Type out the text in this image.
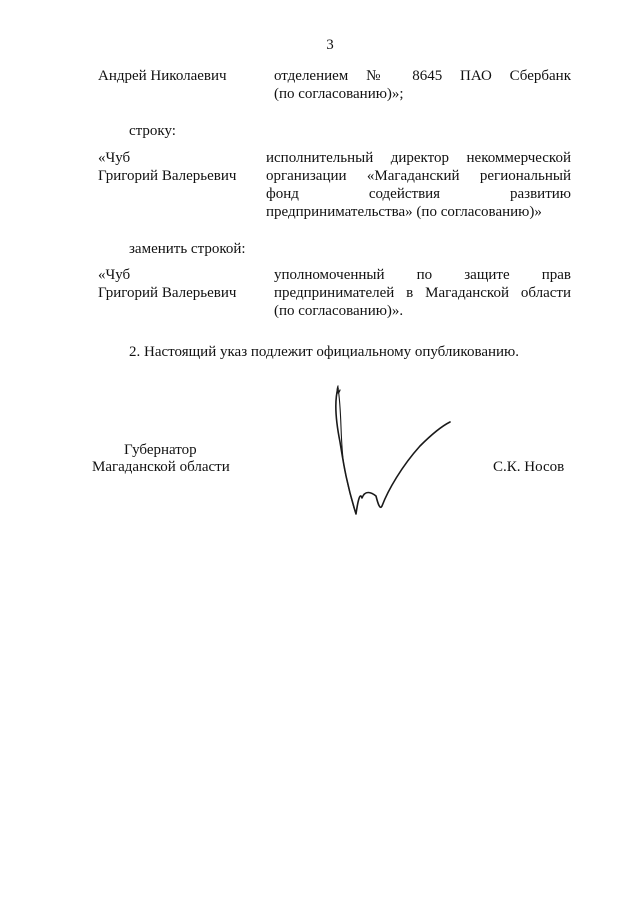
3
Андрей Николаевич	отделением № 8645 ПАО Сбербанк
(по согласованию)»;
строку:
«Чуб
Григорий Валерьевич
исполнительный директор некоммерческой
организации «Магаданский региональный
фонд содействия развитию
предпринимательства» (по согласованию)»
заменить строкой:
«Чуб
Григорий Валерьевич
уполномоченный по защите прав
предпринимателей в Магаданской области
(по согласованию)».
2. Настоящий указ подлежит официальному опубликованию.
Губернатор
Магаданской области	С.К. Носов
